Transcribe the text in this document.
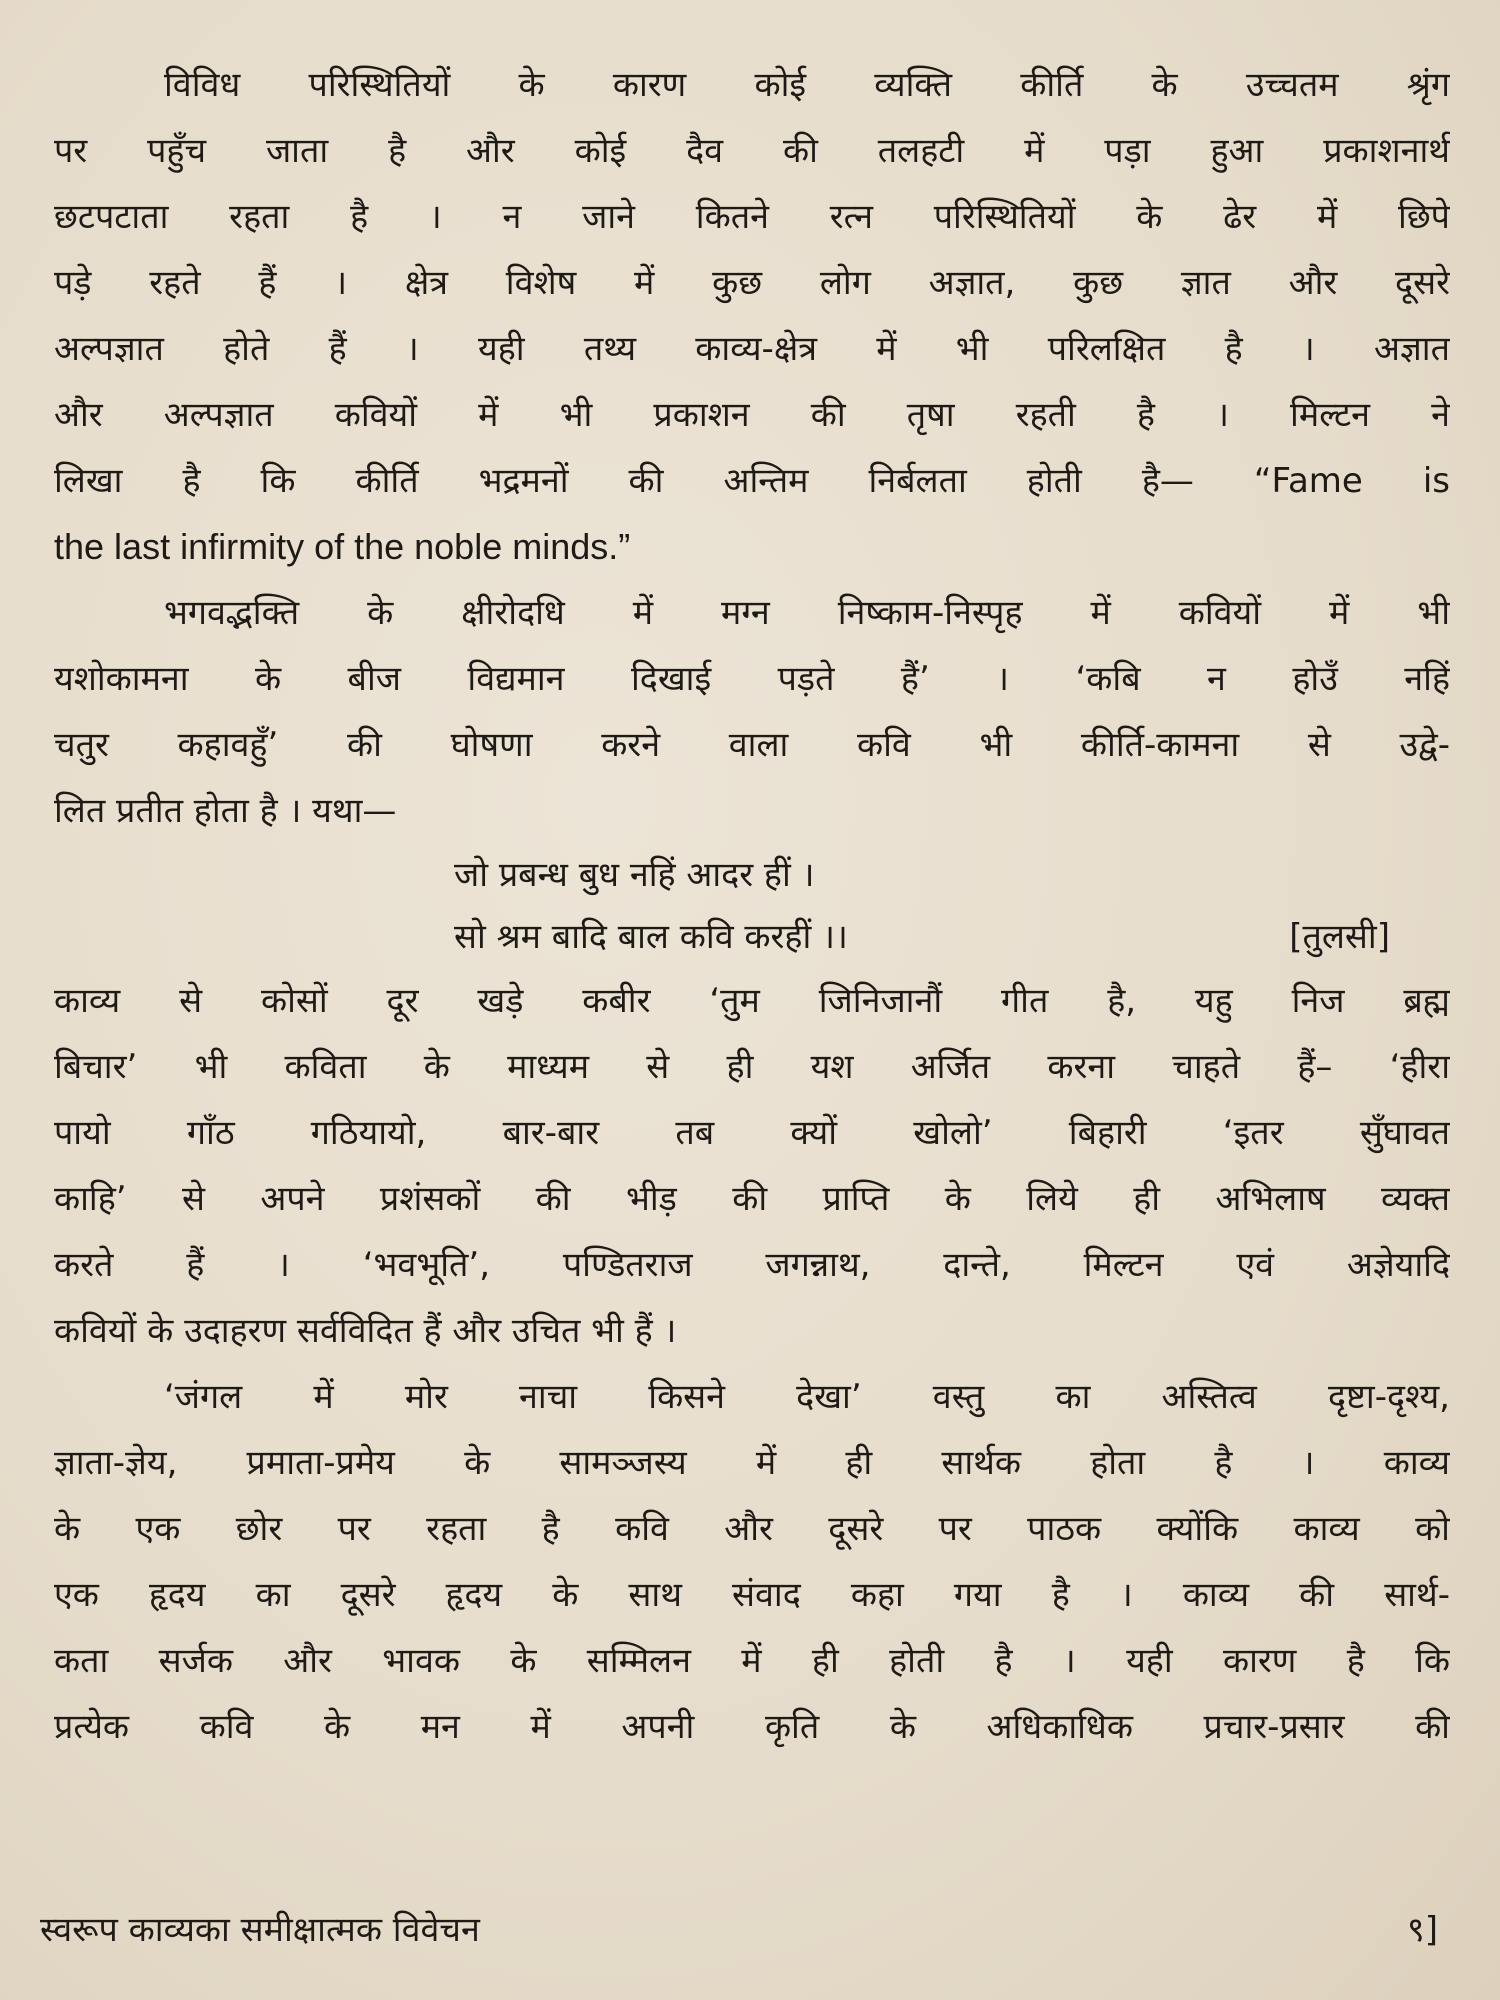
विविध परिस्थितियों के कारण कोई व्यक्ति कीर्ति के उच्चतम श्रृंग
पर पहुँच जाता है और कोई दैव की तलहटी में पड़ा हुआ प्रकाशनार्थ
छटपटाता रहता है । न जाने कितने रत्न परिस्थितियों के ढेर में छिपे
पड़े रहते हैं । क्षेत्र विशेष में कुछ लोग अज्ञात, कुछ ज्ञात और दूसरे
अल्पज्ञात होते हैं । यही तथ्य काव्य-क्षेत्र में भी परिलक्षित है । अज्ञात
और अल्पज्ञात कवियों में भी प्रकाशन की तृषा रहती है । मिल्टन ने
लिखा है कि कीर्ति भद्रमनों की अन्तिम निर्बलता होती है— “Fame is
the last infirmity of the noble minds.”
भगवद्भक्ति के क्षीरोदधि में मग्न निष्काम-निस्पृह में कवियों में भी
यशोकामना के बीज विद्यमान दिखाई पड़ते हैं’ । ‘कबि न होउँ नहिं
चतुर कहावहुँ’ की घोषणा करने वाला कवि भी कीर्ति-कामना से उद्वे-
लित प्रतीत होता है । यथा—
जो प्रबन्ध बुध नहिं आदर हीं ।
सो श्रम बादि बाल कवि करहीं ।।	[तुलसी]
काव्य से कोसों दूर खड़े कबीर ‘तुम जिनिजानौं गीत है, यहु निज ब्रह्म
बिचार’ भी कविता के माध्यम से ही यश अर्जित करना चाहते हैं– ‘हीरा
पायो गाँठ गठियायो, बार-बार तब क्यों खोलो’ बिहारी ‘इतर सुँघावत
काहि’ से अपने प्रशंसकों की भीड़ की प्राप्ति के लिये ही अभिलाष व्यक्त
करते हैं । ‘भवभूति’, पण्डितराज जगन्नाथ, दान्ते, मिल्टन एवं अज्ञेयादि
कवियों के उदाहरण सर्वविदित हैं और उचित भी हैं ।
‘जंगल में मोर नाचा किसने देखा’ वस्तु का अस्तित्व दृष्टा-दृश्य,
ज्ञाता-ज्ञेय, प्रमाता-प्रमेय के सामञ्जस्य में ही सार्थक होता है । काव्य
के एक छोर पर रहता है कवि और दूसरे पर पाठक क्योंकि काव्य को
एक हृदय का दूसरे हृदय के साथ संवाद कहा गया है । काव्य की सार्थ-
कता सर्जक और भावक के सम्मिलन में ही होती है । यही कारण है कि
प्रत्येक कवि के मन में अपनी कृति के अधिकाधिक प्रचार-प्रसार की
स्वरूप काव्यका समीक्षात्मक विवेचन	९]
